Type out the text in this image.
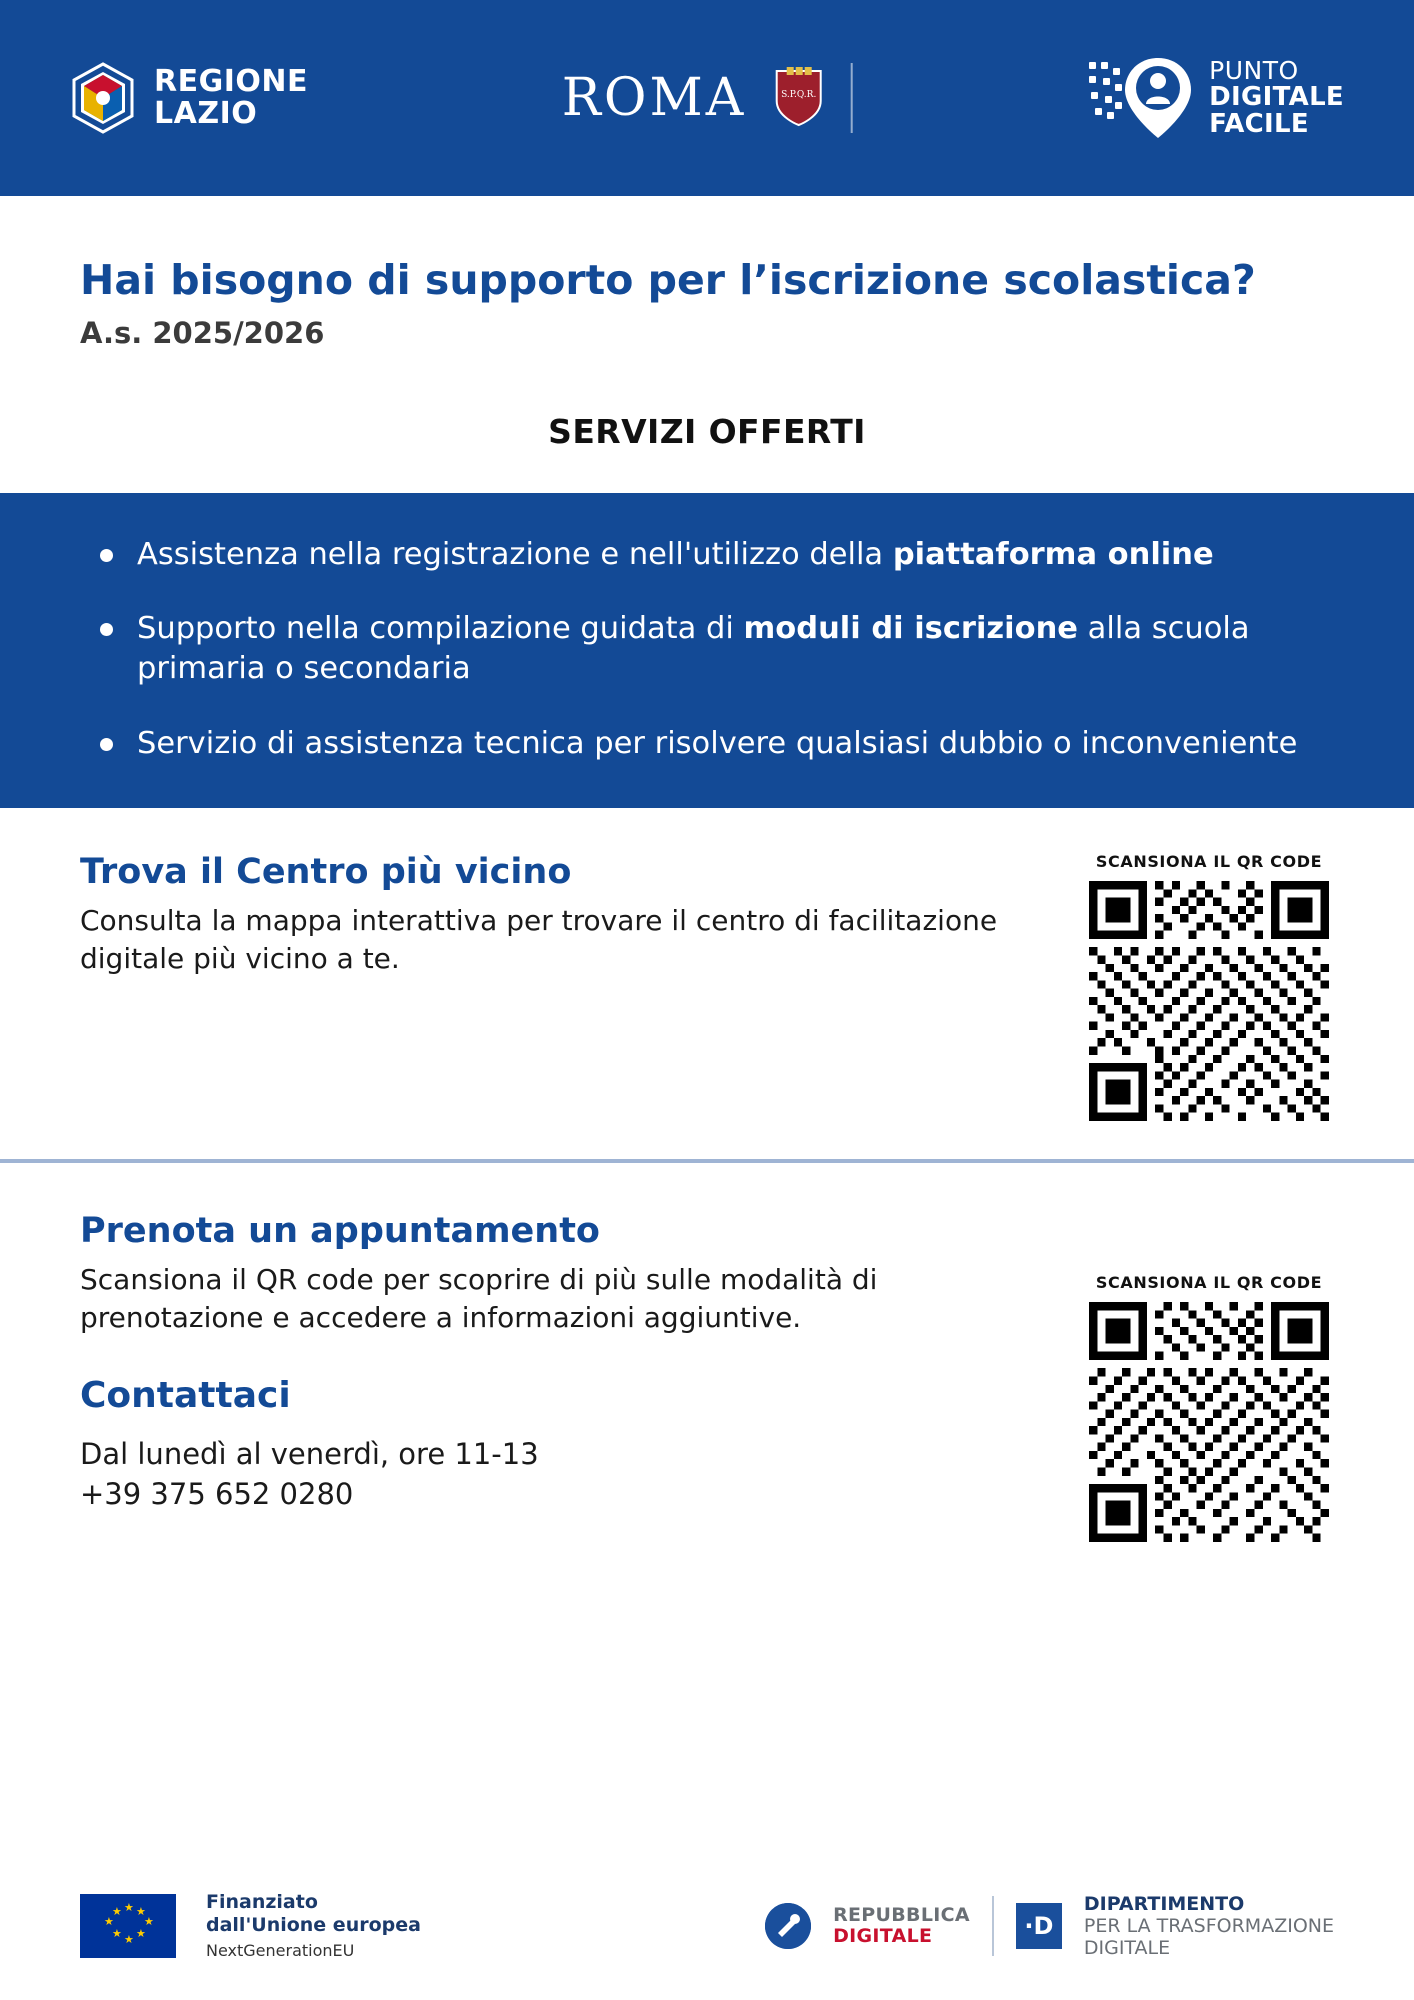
REGIONE
LAZIO	ROMA	S.P.Q.R.
PUNTO
DIGITALE
FACILE
Hai bisogno di supporto per l’iscrizione scolastica?
A.s. 2025/2026
SERVIZI OFFERTI
Assistenza nella registrazione e nell'utilizzo della piattaforma online
Supporto nella compilazione guidata di moduli di iscrizione alla scuola primaria o secondaria
Servizio di assistenza tecnica per risolvere qualsiasi dubbio o inconveniente
Trova il Centro più vicino
Consulta la mappa interattiva per trovare il centro di facilitazione digitale più vicino a te.
SCANSIONA IL QR CODE
Prenota un appuntamento
Scansiona il QR code per scoprire di più sulle modalità di prenotazione e accedere a informazioni aggiuntive.
Contattaci
Dal lunedì al venerdì, ore 11-13
+39 375 652 0280
SCANSIONA IL QR CODE
★ ★
★
★
★
★
★
★	Finanziato
dall'Unione europea
NextGenerationEU
REPUBBLICA
DIGITALE	·D
DIPARTIMENTO
PER LA TRASFORMAZIONE
DIGITALE
